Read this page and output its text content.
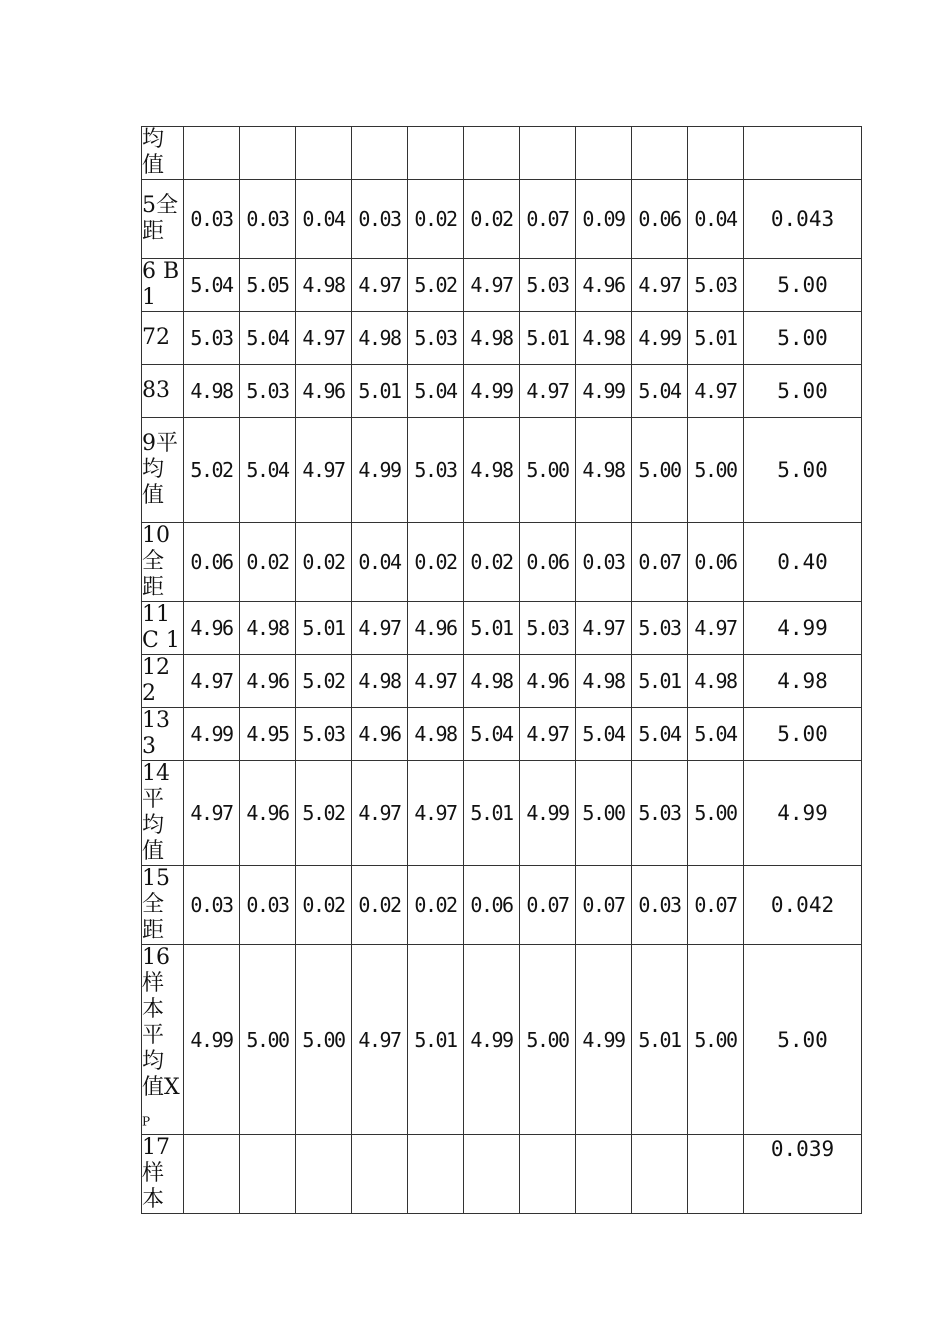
均值											
5全距	0.03	0.03	0.04	0.03	0.02	0.02	0.07	0.09	0.06	0.04	0.043
6 B1	5.04	5.05	4.98	4.97	5.02	4.97	5.03	4.96	4.97	5.03	5.00
72	5.03	5.04	4.97	4.98	5.03	4.98	5.01	4.98	4.99	5.01	5.00
83	4.98	5.03	4.96	5.01	5.04	4.99	4.97	4.99	5.04	4.97	5.00
9平均值	5.02	5.04	4.97	4.99	5.03	4.98	5.00	4.98	5.00	5.00	5.00
10全距	0.06	0.02	0.02	0.04	0.02	0.02	0.06	0.03	0.07	0.06	0.40
11C 1	4.96	4.98	5.01	4.97	4.96	5.01	5.03	4.97	5.03	4.97	4.99
122	4.97	4.96	5.02	4.98	4.97	4.98	4.96	4.98	5.01	4.98	4.98
133	4.99	4.95	5.03	4.96	4.98	5.04	4.97	5.04	5.04	5.04	5.00
14平均值	4.97	4.96	5.02	4.97	4.97	5.01	4.99	5.00	5.03	5.00	4.99
15全距	0.03	0.03	0.02	0.02	0.02	0.06	0.07	0.07	0.03	0.07	0.042
16样本平均值$X_P$	4.99	5.00	5.00	4.97	5.01	4.99	5.00	4.99	5.01	5.00	5.00
17样本											0.039
